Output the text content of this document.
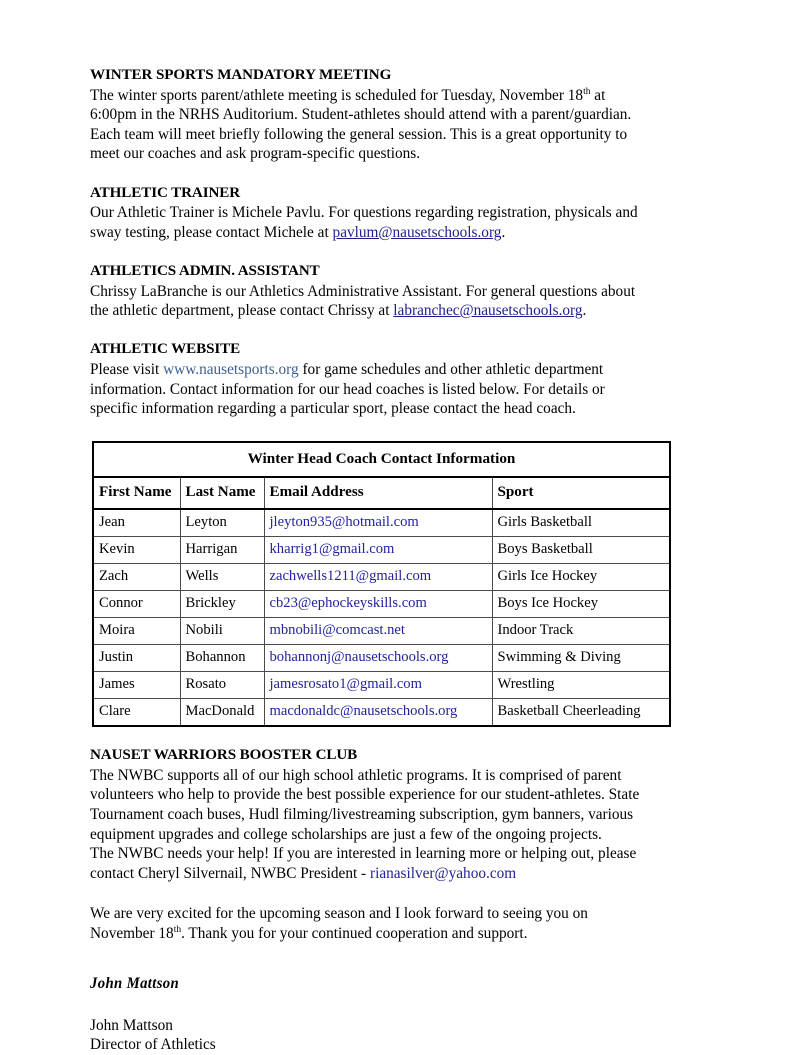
WINTER SPORTS MANDATORY MEETING
The winter sports parent/athlete meeting is scheduled for Tuesday, November 18th at
6:00pm in the NRHS Auditorium. Student-athletes should attend with a parent/guardian.
Each team will meet briefly following the general session. This is a great opportunity to
meet our coaches and ask program-specific questions.
ATHLETIC TRAINER
Our Athletic Trainer is Michele Pavlu. For questions regarding registration, physicals and
sway testing, please contact Michele at pavlum@nausetschools.org.
ATHLETICS ADMIN. ASSISTANT
Chrissy LaBranche is our Athletics Administrative Assistant. For general questions about
the athletic department, please contact Chrissy at labranchec@nausetschools.org.
ATHLETIC WEBSITE
Please visit www.nausetsports.org for game schedules and other athletic department
information. Contact information for our head coaches is listed below. For details or
specific information regarding a particular sport, please contact the head coach.
Winter Head Coach Contact Information			
First Name	Last Name	Email Address	Sport
Jean	Leyton	jleyton935@hotmail.com	Girls Basketball
Kevin	Harrigan	kharrig1@gmail.com	Boys Basketball
Zach	Wells	zachwells1211@gmail.com	Girls Ice Hockey
Connor	Brickley	cb23@ephockeyskills.com	Boys Ice Hockey
Moira	Nobili	mbnobili@comcast.net	Indoor Track
Justin	Bohannon	bohannonj@nausetschools.org	Swimming & Diving
James	Rosato	jamesrosato1@gmail.com	Wrestling
Clare	MacDonald	macdonaldc@nausetschools.org	Basketball Cheerleading
NAUSET WARRIORS BOOSTER CLUB
The NWBC supports all of our high school athletic programs. It is comprised of parent
volunteers who help to provide the best possible experience for our student-athletes. State
Tournament coach buses, Hudl filming/livestreaming subscription, gym banners, various
equipment upgrades and college scholarships are just a few of the ongoing projects.
The NWBC needs your help! If you are interested in learning more or helping out, please
contact Cheryl Silvernail, NWBC President - rianasilver@yahoo.com
We are very excited for the upcoming season and I look forward to seeing you on
November 18th. Thank you for your continued cooperation and support.
John Mattson
John Mattson
Director of Athletics
